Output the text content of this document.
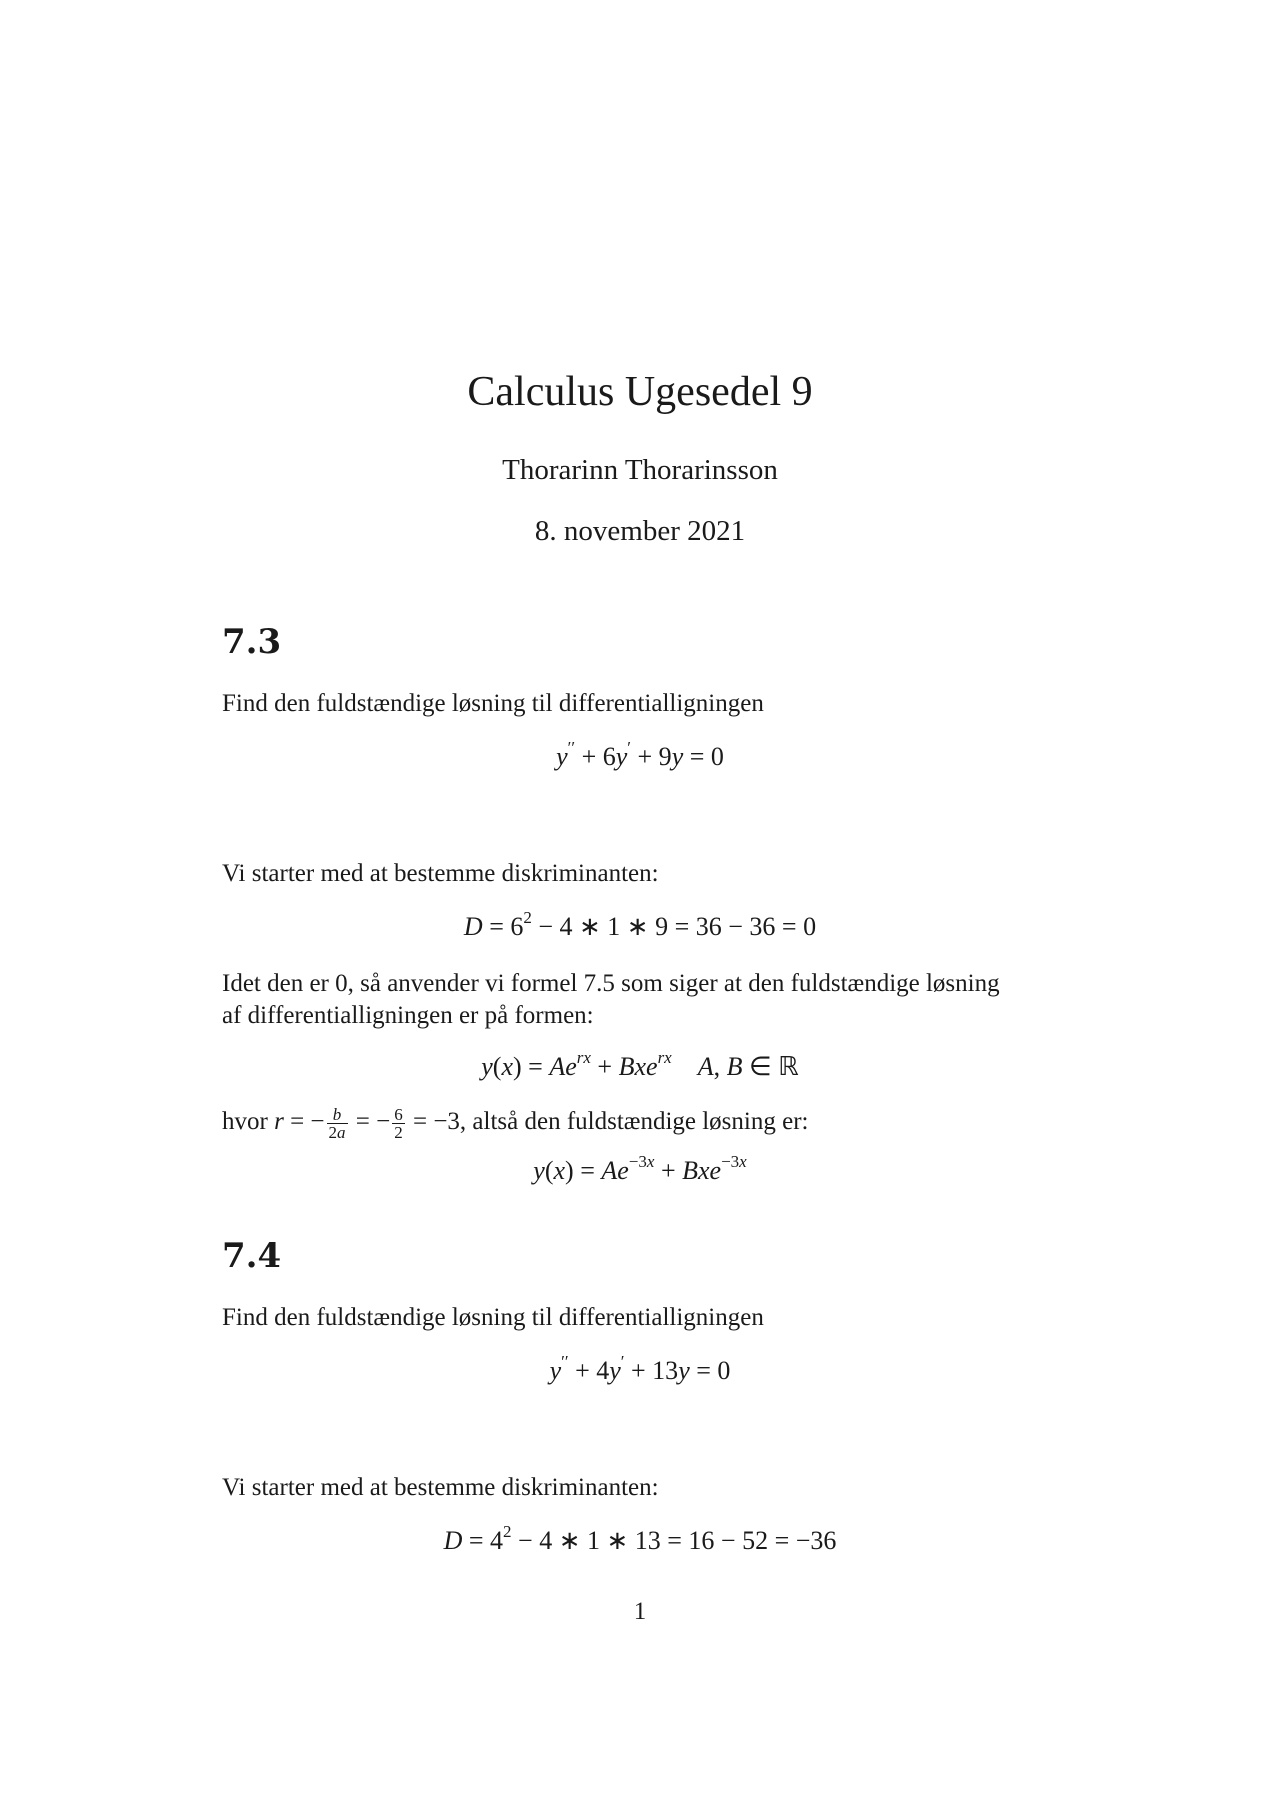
Calculus Ugesedel 9
Thorarinn Thorarinsson
8. november 2021
7.3
Find den fuldstændige løsning til differentialligningen
y′′ + 6y′ + 9y = 0
Vi starter med at bestemme diskriminanten:
$D = 6^2 - 4$ ∗ 1 ∗ 9 = 36 − 36 = 0
Idet den er 0, så anvender vi formel 7.5 som siger at den fuldstændige løsning
af differentialligningen er på formen:
$y(x) = Ae^{rx} + Bxe^{rx}$ A, B ∈ ℝ
hvor r = − $\frac{b}{2a}$ = − $\frac{6}{2} = -3$, altså den fuldstændige løsning er:
$y(x) = Ae^{-3x} + Bxe^{-3x}$
7.4
Find den fuldstændige løsning til differentialligningen
y′′ + 4y′ + 13y = 0
Vi starter med at bestemme diskriminanten:
$D = 4^2 - 4$ ∗ 1 ∗ 13 = 16 − 52 = −36
1
